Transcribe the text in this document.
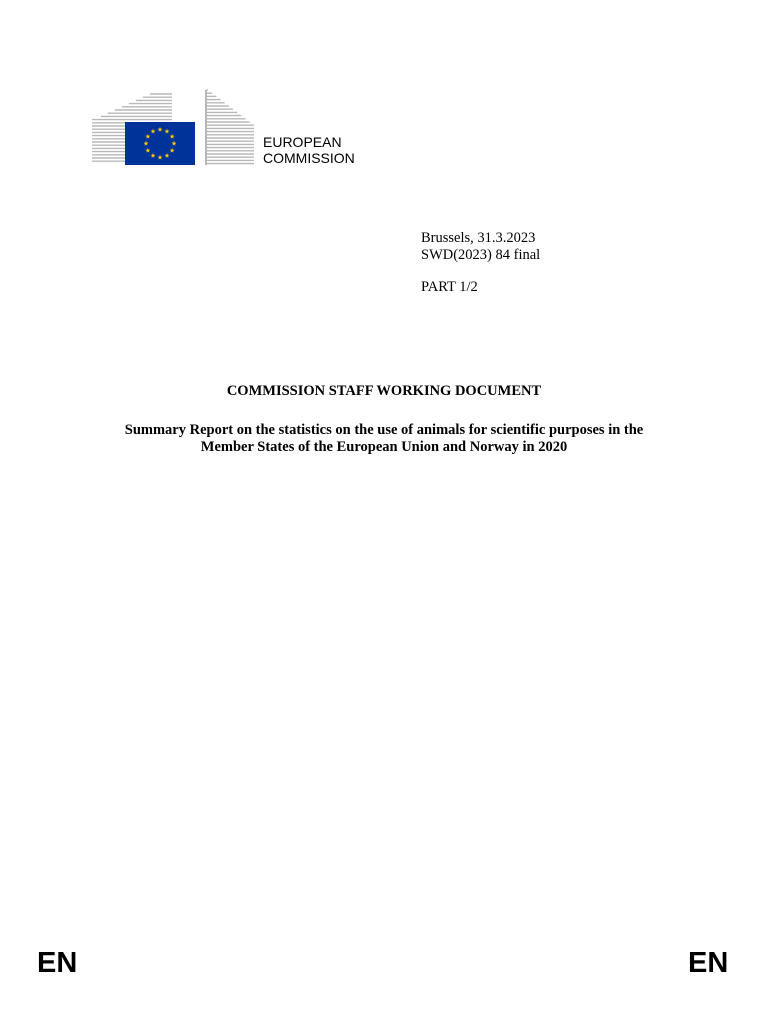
EUROPEAN
COMMISSION
Brussels, 31.3.2023
SWD(2023) 84 final
PART 1/2
COMMISSION STAFF WORKING DOCUMENT
Summary Report on the statistics on the use of animals for scientific purposes in the
Member States of the European Union and Norway in 2020
EN	EN
